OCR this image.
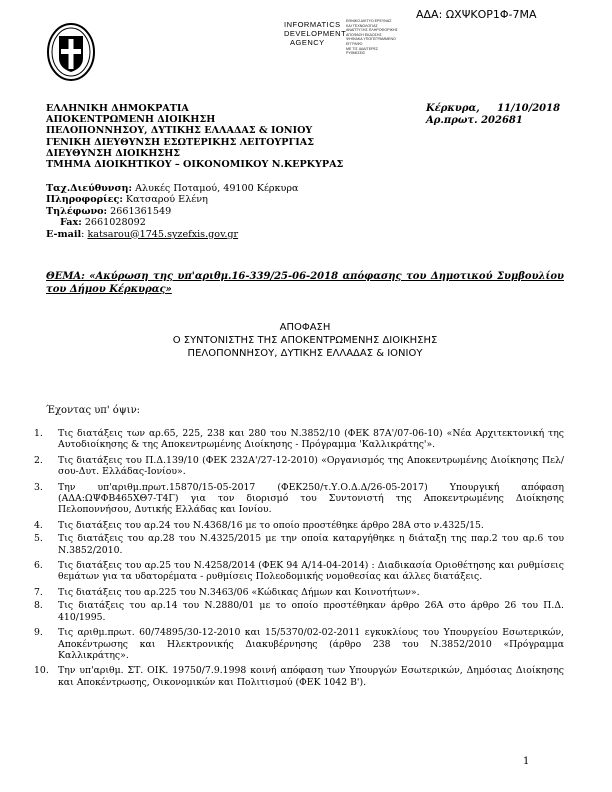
ΑΔΑ: ΩΧΨΚΟΡ1Φ-7ΜΑ
INFORMATICS
DEVELOPMENT
AGENCY
ΕΘΝΙΚΟ ΔΙΚΤΥΟ ΕΡΕΥΝΑΣ
ΚΑΙ ΤΕΧΝΟΛΟΓΙΑΣ
ΑΝΑΠΤΥΞΗΣ ΠΛΗΡΟΦΟΡΙΚΗΣ
ΑΠΟΦΑΣΗ ΕΚΔΟΣΗΣ
ΨΗΦΙΑΚΑ ΥΠΟΓΕΓΡΑΜΜΕΝΟ
ΕΓΓΡΑΦΟ
ΜΕ ΤΙΣ ΙΔΙΑΙΤΕΡΕΣ
ΡΥΘΜΙΣΕΙΣ
ΕΛΛΗΝΙΚΗ ΔΗΜΟΚΡΑΤΙΑ
ΑΠΟΚΕΝΤΡΩΜΕΝΗ ΔΙΟΙΚΗΣΗ
ΠΕΛΟΠΟΝΝΗΣΟΥ, ΔΥΤΙΚΗΣ ΕΛΛΑΔΑΣ & ΙΟΝΙΟΥ
ΓΕΝΙΚΗ ΔΙΕΥΘΥΝΣΗ ΕΣΩΤΕΡΙΚΗΣ ΛΕΙΤΟΥΡΓΙΑΣ
ΔΙΕΥΘΥΝΣΗ ΔΙΟΙΚΗΣΗΣ
ΤΜΗΜΑ ΔΙΟΙΚΗΤΙΚΟΥ – ΟΙΚΟΝΟΜΙΚΟΥ Ν.ΚΕΡΚΥΡΑΣ
Κέρκυρα,     11/10/2018
Αρ.πρωτ. 202681
Ταχ.Διεύθυνση: Αλυκές Ποταμού, 49100 Κέρκυρα
Πληροφορίες: Κατσαρού Ελένη
Τηλέφωνο: 2661361549
Fax: 2661028092
E-mail: katsarou@1745.syzefxis.gov.gr
ΘΕΜΑ: «Ακύρωση της υπ'αριθμ.16-339/25-06-2018 απόφασης του Δημοτικού Συμβουλίου του Δήμου Κέρκυρας»
ΑΠΟΦΑΣΗ
Ο ΣΥΝΤΟΝΙΣΤΗΣ ΤΗΣ ΑΠΟΚΕΝΤΡΩΜΕΝΗΣ ΔΙΟΙΚΗΣΗΣ
ΠΕΛΟΠΟΝΝΗΣΟΥ, ΔΥΤΙΚΗΣ ΕΛΛΑΔΑΣ & ΙΟΝΙΟΥ
Έχοντας υπ' όψιν:
1.	Τις διατάξεις των αρ.65, 225, 238 και 280 του Ν.3852/10 (ΦΕΚ 87Α'/07-06-10) «Νέα Αρχιτεκτονική της Αυτοδιοίκησης & της Αποκεντρωμένης Διοίκησης - Πρόγραμμα 'Καλλικράτης'».
2.	Τις διατάξεις του Π.Δ.139/10 (ΦΕΚ 232Α'/27-12-2010) «Οργανισμός της Αποκεντρωμένης Διοίκησης Πελ/σου-Δυτ. Ελλάδας-Ιονίου».
3.	Την υπ'αριθμ.πρωτ.15870/15-05-2017 (ΦΕΚ250/τ.Υ.Ο.Δ.Δ/26-05-2017) Υπουργική απόφαση (ΑΔΑ:ΩΨΦΒ465ΧΘ7-Τ4Γ) για τον διορισμό του Συντονιστή της Αποκεντρωμένης Διοίκησης Πελοποννήσου, Δυτικής Ελλάδας και Ιονίου.
4.	Τις διατάξεις του αρ.24 του Ν.4368/16 με το οποίο προστέθηκε άρθρο 28Α στο ν.4325/15.
5.	Τις διατάξεις του αρ.28 του Ν.4325/2015 με την οποία καταργήθηκε η διάταξη της παρ.2 του αρ.6 του Ν.3852/2010.
6.	Τις διατάξεις του αρ.25 του Ν.4258/2014 (ΦΕΚ 94 Α/14-04-2014) : Διαδικασία Οριοθέτησης και ρυθμίσεις θεμάτων για τα υδατορέματα - ρυθμίσεις Πολεοδομικής νομοθεσίας και άλλες διατάξεις.
7.	Τις διατάξεις του αρ.225 του Ν.3463/06 «Κώδικας Δήμων και Κοινοτήτων».
8.	Τις διατάξεις του αρ.14 του Ν.2880/01 με το οποίο προστέθηκαν άρθρο 26Α στο άρθρο 26 του Π.Δ. 410/1995.
9.	Τις αριθμ.πρωτ. 60/74895/30-12-2010 και 15/5370/02-02-2011 εγκυκλίους του Υπουργείου Εσωτερικών, Αποκέντρωσης και Ηλεκτρονικής Διακυβέρνησης (άρθρο 238 του Ν.3852/2010 «Πρόγραμμα Καλλικράτης».
10. Την υπ'αριθμ. ΣΤ. ΟΙΚ. 19750/7.9.1998 κοινή απόφαση των Υπουργών Εσωτερικών, Δημόσιας Διοίκησης και Αποκέντρωσης, Οικονομικών και Πολιτισμού (ΦΕΚ 1042 Β').
1
